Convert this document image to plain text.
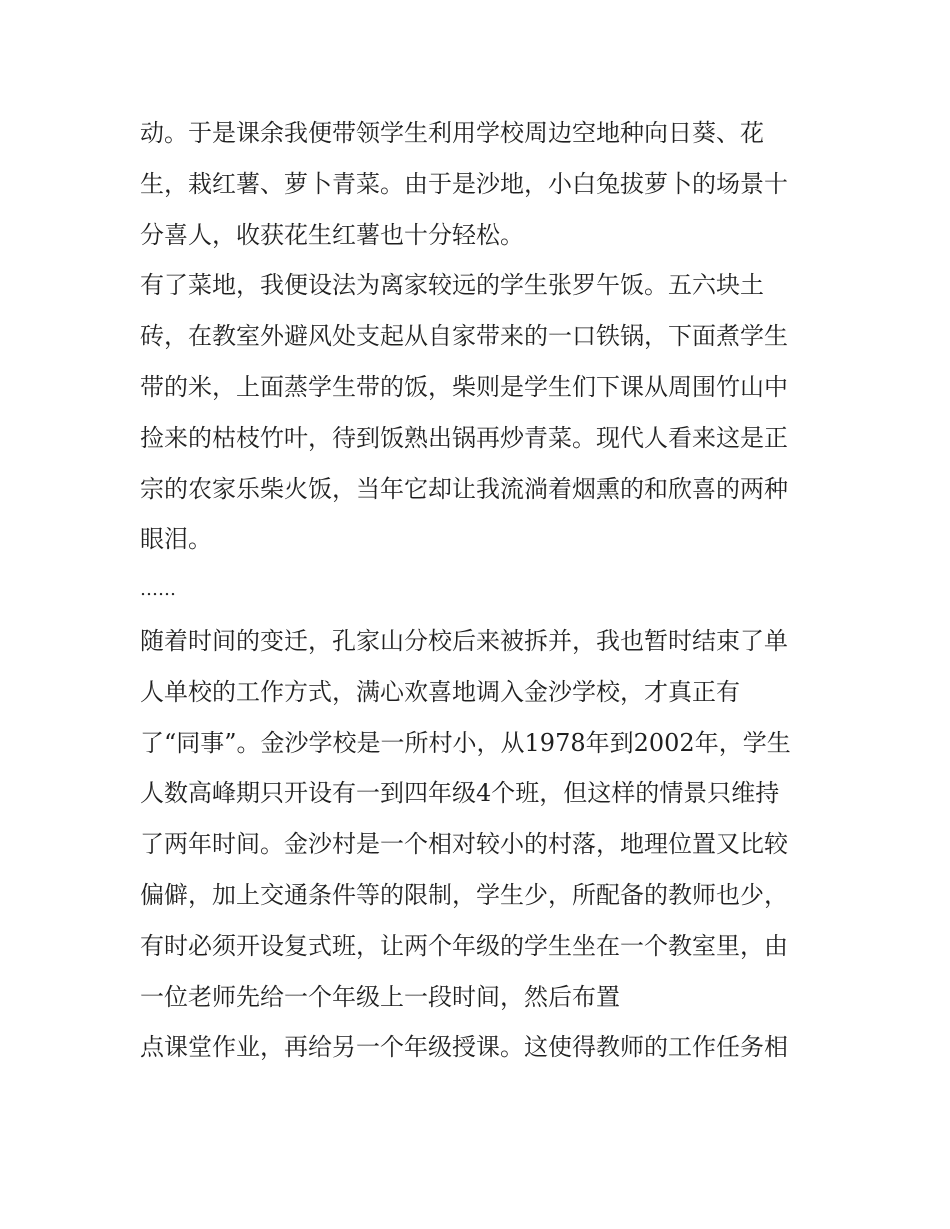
动。于是课余我便带领学生利用学校周边空地种向日葵、花
生，栽红薯、萝卜青菜。由于是沙地，小白兔拔萝卜的场景十
分喜人，收获花生红薯也十分轻松。
有了菜地，我便设法为离家较远的学生张罗午饭。五六块土
砖，在教室外避风处支起从自家带来的一口铁锅，下面煮学生
带的米，上面蒸学生带的饭，柴则是学生们下课从周围竹山中
捡来的枯枝竹叶，待到饭熟出锅再炒青菜。现代人看来这是正
宗的农家乐柴火饭，当年它却让我流淌着烟熏的和欣喜的两种
眼泪。
……
随着时间的变迁，孔家山分校后来被拆并，我也暂时结束了单
人单校的工作方式，满心欢喜地调入金沙学校，才真正有
了“同事”。金沙学校是一所村小，从1978年到2002年，学生
人数高峰期只开设有一到四年级4个班，但这样的情景只维持
了两年时间。金沙村是一个相对较小的村落，地理位置又比较
偏僻，加上交通条件等的限制，学生少，所配备的教师也少，
有时必须开设复式班，让两个年级的学生坐在一个教室里，由
一位老师先给一个年级上一段时间，然后布置
点课堂作业，再给另一个年级授课。这使得教师的工作任务相
